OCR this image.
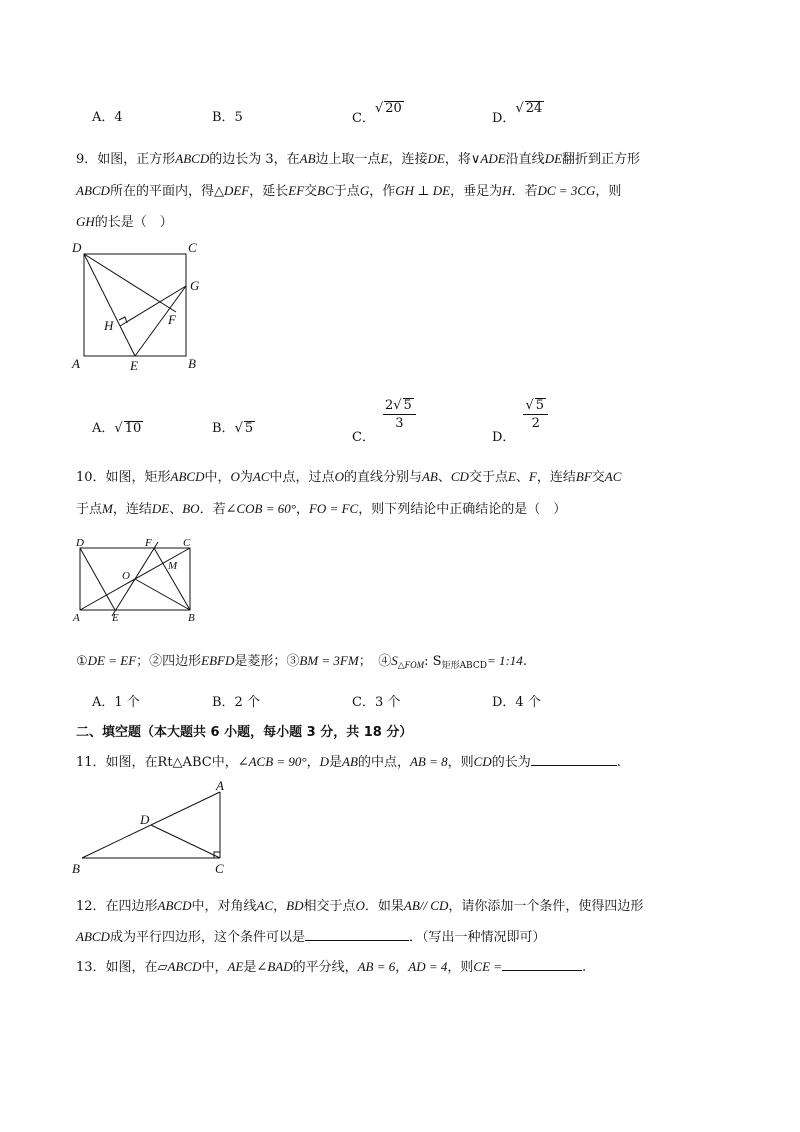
A．4	B．5	C．√ 20
D．√ 24
9．如图，正方形ABCD的边长为 3，在AB边上取一点E，连接DE，将∨ADE沿直线DE翻折到正方形
ABCD所在的平面内，得△DEF，延长EF交BC于点G，作GH ⊥ DE，垂足为H．若DC = 3CG，则
GH的长是（　）
D	C
G
H	F
A	E	B
A．√ 10	B．√ 5
C．
$\frac{2√ 5}{3}$
D．
$\frac{√ 5}{2}$
10．如图，矩形ABCD中，O为AC中点，过点O的直线分别与AB、CD交于点E、F，连结BF交AC
于点M，连结DE、BO．若∠COB = 60°，FO = FC，则下列结论中正确结论的是（　）
D	F	C
O
M
A	E	B
①DE = EF；②四边形EBFD是菱形；③BM = 3FM；　$④S_{\triangle FOM}$: $S_{矩形ABCD}=$ 1:14.
A．1 个	B．2 个	C．3 个	D．4 个
二、填空题（本大题共 6 小题，每小题 3 分，共 18 分）
11．如图，在Rt△ABC中，∠ACB = 90°，D是AB的中点，AB = 8，则CD的长为	.
A
D
B	C
12．在四边形ABCD中，对角线AC，BD相交于点O．如果AB// CD，请你添加一个条件，使得四边形
ABCD成为平行四边形，这个条件可以是	．（写出一种情况即可）
13．如图，在▱ABCD中，AE是∠BAD的平分线，AB = 6，AD = 4，则CE =	.
